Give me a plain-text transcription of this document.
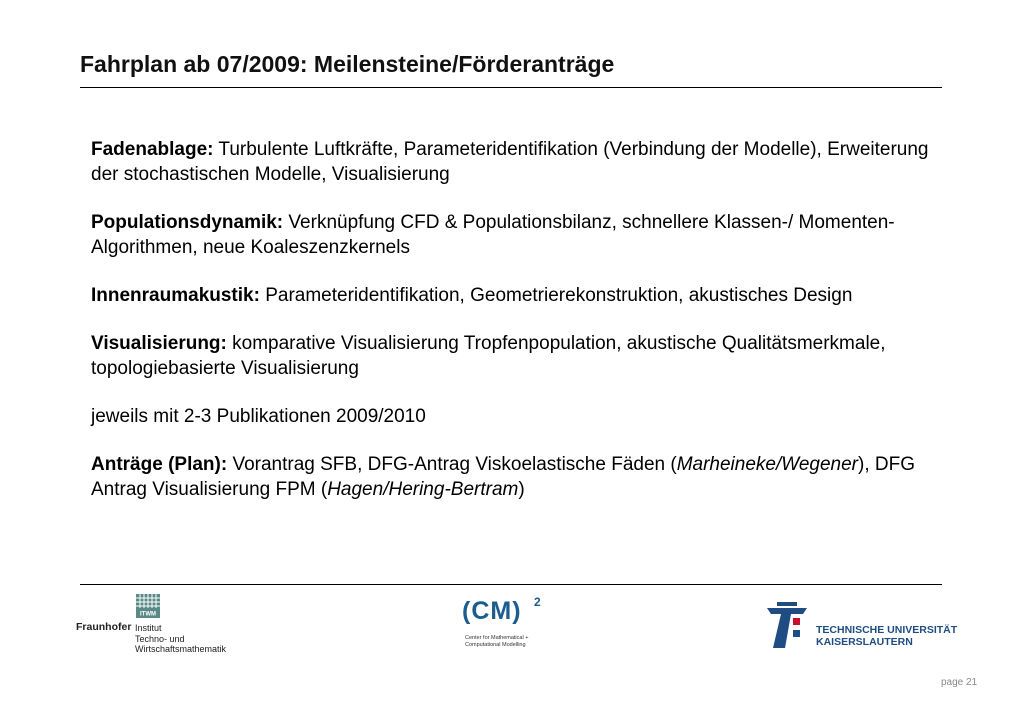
Fahrplan ab 07/2009: Meilensteine/Förderanträge

Fadenablage: Turbulente Luftkräfte, Parameteridentifikation (Verbindung der Modelle), Erweiterung der stochastischen Modelle, Visualisierung

Populationsdynamik: Verknüpfung CFD & Populationsbilanz, schnellere Klassen-/ Momenten-Algorithmen, neue Koaleszenzkernels

Innenraumakustik: Parameteridentifikation, Geometrierekonstruktion, akustisches Design

Visualisierung: komparative Visualisierung Tropfenpopulation, akustische Qualitätsmerkmale, topologiebasierte Visualisierung

jeweils mit 2-3 Publikationen 2009/2010

Anträge (Plan): Vorantrag SFB, DFG-Antrag Viskoelastische Fäden (Marheineke/Wegener), DFG Antrag Visualisierung FPM (Hagen/Hering-Bertram)

ITWM
Fraunhofer Institut
Techno- und
Wirtschaftsmathematik
(CM) 2
Center for Mathematical +
Computational Modelling
TECHNISCHE UNIVERSITÄT
KAISERSLAUTERN
page 21
